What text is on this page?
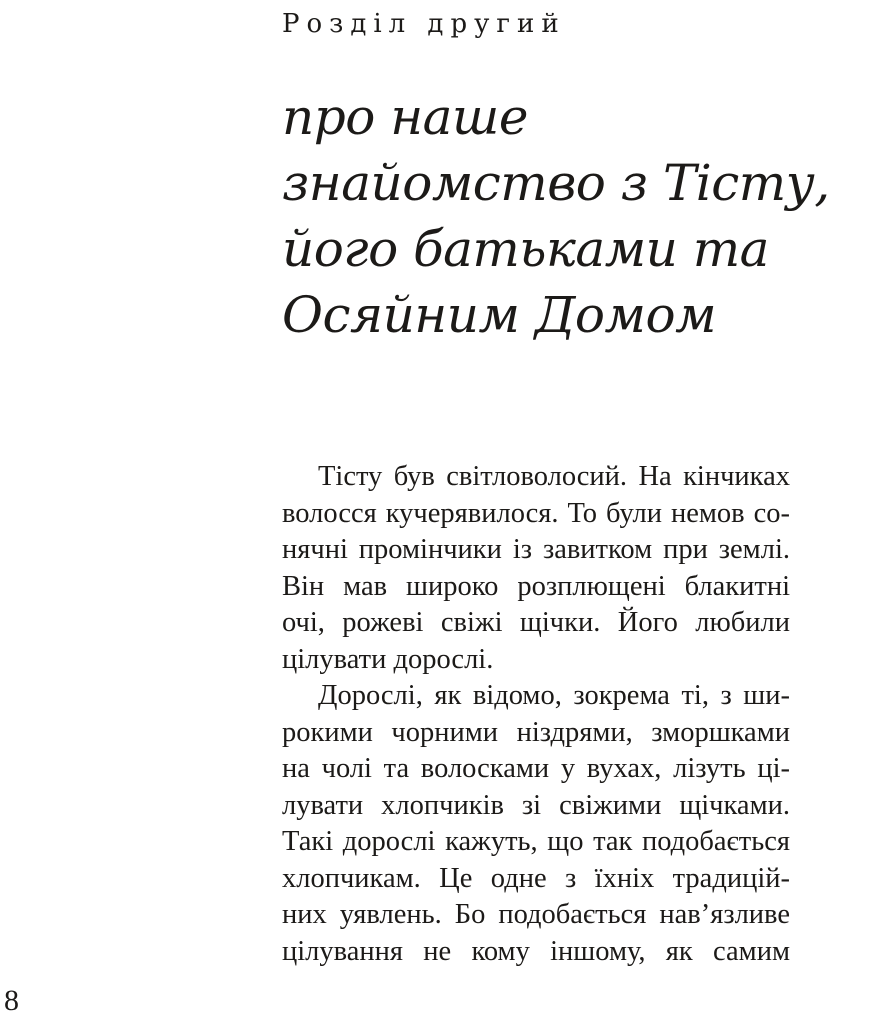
Розділ другий
про наше
знайомство з Тісту,
його батьками та
Осяйним Домом
Тісту був світловолосий. На кінчиках
волосся кучерявилося. То були немов со-
нячні промінчики із завитком при землі.
Він мав широко розплющені блакитні
очі, рожеві свіжі щічки. Його любили
цілувати дорослі.
Дорослі, як відомо, зокрема ті, з ши-
рокими чорними ніздрями, зморшками
на чолі та волосками у вухах, лізуть ці-
лувати хлопчиків зі свіжими щічками.
Такі дорослі кажуть, що так подобається
хлопчикам. Це одне з їхніх традицій-
них уявлень. Бо подобається нав’язливе
цілування не кому іншому, як самим
8
